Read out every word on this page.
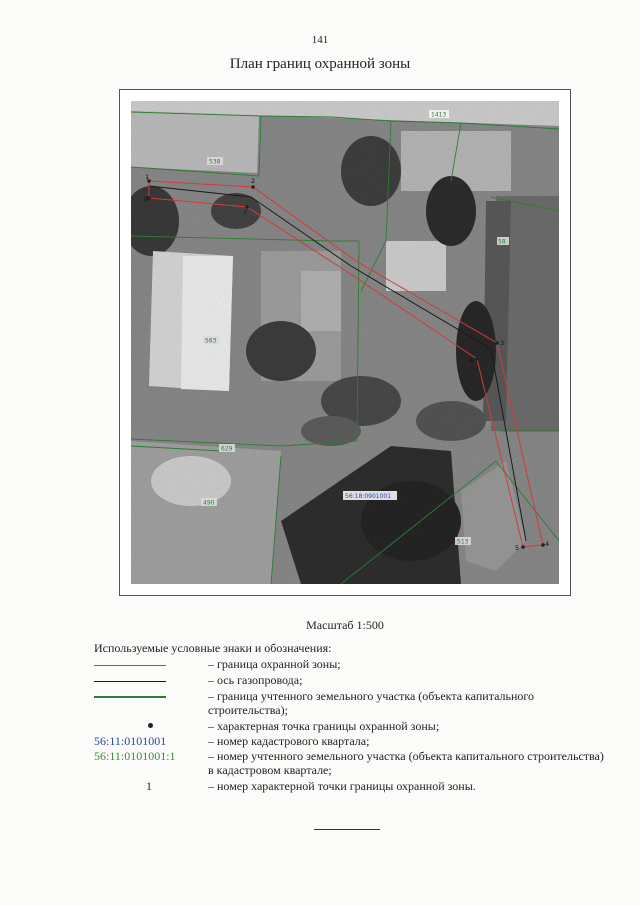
141
План границ охранной зоны
1	2
3
4
5
6
7
8
1413
538
58
563
629
490
513
56:18:0901001
Масштаб 1:500
Используемые условные знаки и обозначения:
– граница охранной зоны;
– ось газопровода;
– граница учтенного земельного участка (объекта капитального строительства);
– характерная точка границы охранной зоны;
56:11:0101001	– номер кадастрового квартала;
56:11:0101001:1	– номер учтенного земельного участка (объекта капитального строительства) в кадастровом квартале;
1	– номер характерной точки границы охранной зоны.
